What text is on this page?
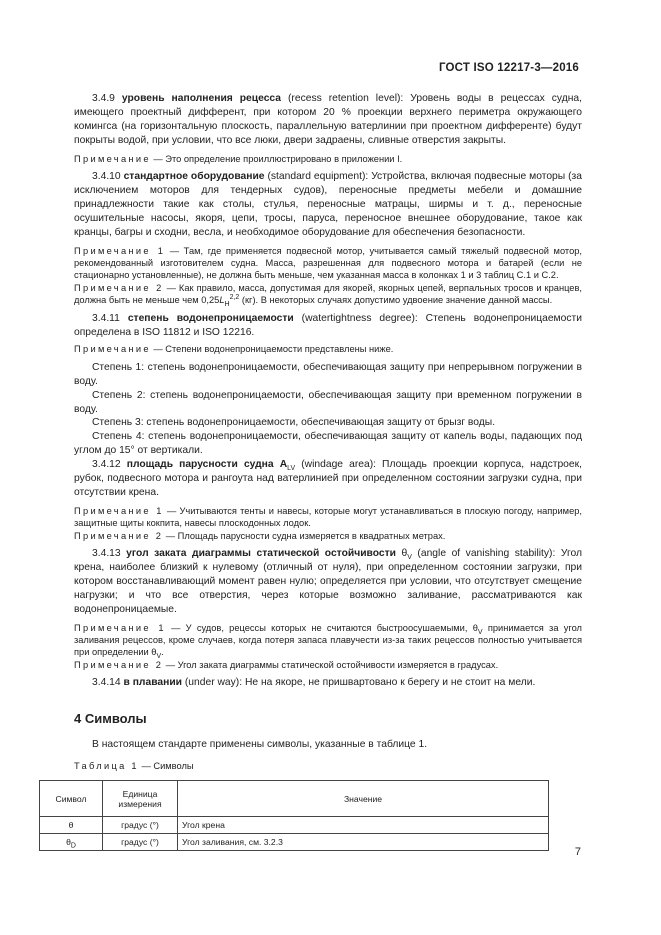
ГОСТ ISO 12217-3—2016

3.4.9 уровень наполнения рецесса (recess retention level): Уровень воды в рецессах судна, имеющего проектный дифферент, при котором 20 % проекции верхнего периметра окружающего комингса (на горизонтальную плоскость, параллельную ватерлинии при проектном дифференте) будут покрыты водой, при условии, что все люки, двери задраены, сливные отверстия закрыты.

Примечание — Это определение проиллюстрировано в приложении I.

3.4.10 стандартное оборудование (standard equipment): Устройства, включая подвесные моторы (за исключением моторов для тендерных судов), переносные предметы мебели и домашние принадлежности такие как столы, стулья, переносные матрацы, ширмы и т. д., переносные осушительные насосы, якоря, цепи, тросы, паруса, переносное внешнее оборудование, такое как кранцы, багры и сходни, весла, и необходимое оборудование для обеспечения безопасности.

Примечание 1 — Там, где применяется подвесной мотор, учитывается самый тяжелый подвесной мотор, рекомендованный изготовителем судна. Масса, разрешенная для подвесного мотора и батарей (если не стационарно установленные), не должна быть меньше, чем указанная масса в колонках 1 и 3 таблиц С.1 и С.2.

Примечание 2 — Как правило, масса, допустимая для якорей, якорных цепей, верпальных тросов и кранцев, должна быть не меньше чем $0,25L_H^{2,2}$ (кг). В некоторых случаях допустимо удвоение значение данной массы.

3.4.11 степень водонепроницаемости (watertightness degree): Степень водонепроницаемости определена в ISO 11812 и ISO 12216.

Примечание — Степени водонепроницаемости представлены ниже.

Степень 1: степень водонепроницаемости, обеспечивающая защиту при непрерывном погружении в воду.

Степень 2: степень водонепроницаемости, обеспечивающая защиту при временном погружении в воду.

Степень 3: степень водонепроницаемости, обеспечивающая защиту от брызг воды.

Степень 4: степень водонепроницаемости, обеспечивающая защиту от капель воды, падающих под углом до 15° от вертикали.

3.4.12 площадь парусности судна $A_{LV}$ (windage area): Площадь проекции корпуса, надстроек, рубок, подвесного мотора и рангоута над ватерлинией при определенном состоянии загрузки судна, при отсутствии крена.

Примечание 1 — Учитываются тенты и навесы, которые могут устанавливаться в плоскую погоду, например, защитные щиты кокпита, навесы плоскодонных лодок.

Примечание 2 — Площадь парусности судна измеряется в квадратных метрах.

3.4.13 угол заката диаграммы статической остойчивости $\theta_V$ (angle of vanishing stability): Угол крена, наиболее близкий к нулевому (отличный от нуля), при определенном состоянии загрузки, при котором восстанавливающий момент равен нулю; определяется при условии, что отсутствует смещение нагрузки; и что все отверстия, через которые возможно заливание, рассматриваются как водонепроницаемые.

Примечание 1 — У судов, рецессы которых не считаются быстроосушаемыми, $\theta_V$ принимается за угол заливания рецессов, кроме случаев, когда потеря запаса плавучести из-за таких рецессов полностью учитывается при определении $\theta_V$.

Примечание 2 — Угол заката диаграммы статической остойчивости измеряется в градусах.

3.4.14 в плавании (under way): Не на якоре, не пришвартовано к берегу и не стоит на мели.

4 Символы

В настоящем стандарте применены символы, указанные в таблице 1.

Таблица 1 — Символы
Символ	Единица измерения	Значение
θ	градус (°)	Угол крена
$\theta_D$	градус (°)	Угол заливания, см. 3.2.3
7
